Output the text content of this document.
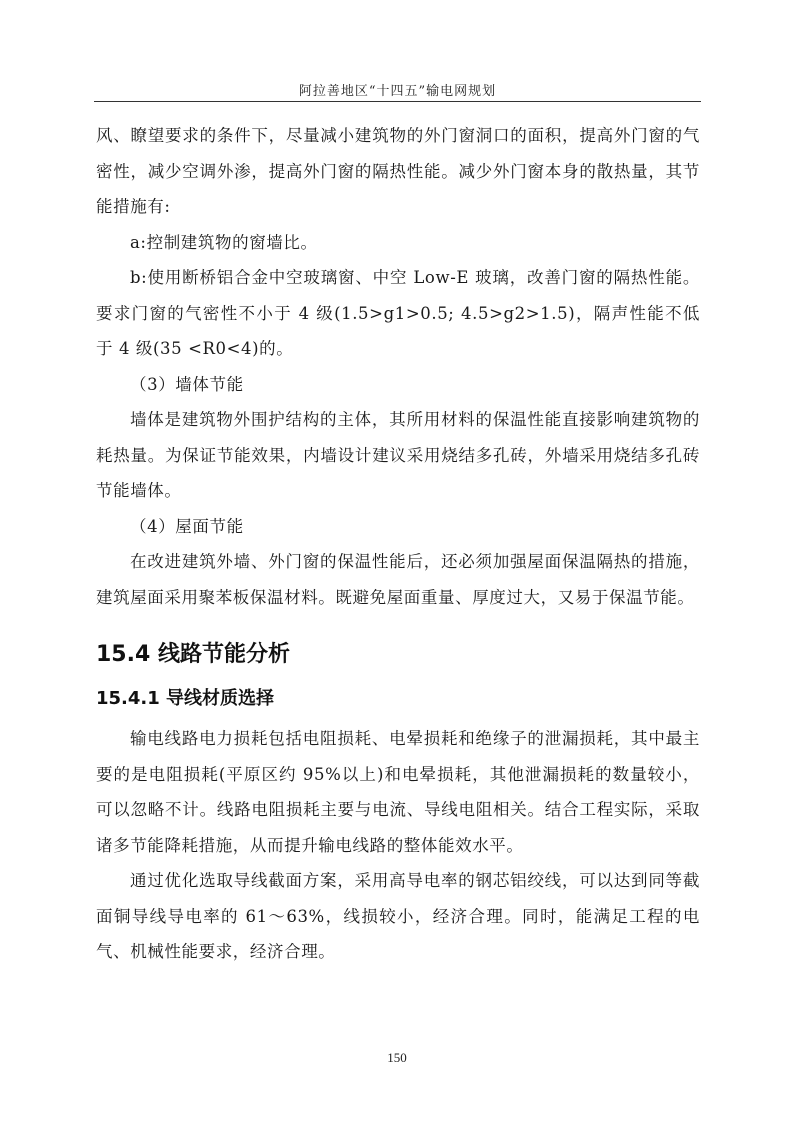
阿拉善地区“十四五”输电网规划

风、瞭望要求的条件下，尽量减小建筑物的外门窗洞口的面积，提高外门窗的气密性，减少空调外渗，提高外门窗的隔热性能。减少外门窗本身的散热量，其节能措施有:

a:控制建筑物的窗墙比。

b:使用断桥铝合金中空玻璃窗、中空 Low-E 玻璃，改善门窗的隔热性能。要求门窗的气密性不小于 4 级(1.5>g1>0.5; 4.5>g2>1.5)，隔声性能不低于 4 级(35 <R0<4)的。

（3）墙体节能

墙体是建筑物外围护结构的主体，其所用材料的保温性能直接影响建筑物的耗热量。为保证节能效果，内墙设计建议采用烧结多孔砖，外墙采用烧结多孔砖节能墙体。

（4）屋面节能

在改进建筑外墙、外门窗的保温性能后，还必须加强屋面保温隔热的措施，建筑屋面采用聚苯板保温材料。既避免屋面重量、厚度过大，又易于保温节能。

15.4 线路节能分析
15.4.1 导线材质选择

输电线路电力损耗包括电阻损耗、电晕损耗和绝缘子的泄漏损耗，其中最主要的是电阻损耗(平原区约 95%以上)和电晕损耗，其他泄漏损耗的数量较小，可以忽略不计。线路电阻损耗主要与电流、导线电阻相关。结合工程实际，采取诸多节能降耗措施，从而提升输电线路的整体能效水平。

通过优化选取导线截面方案，采用高导电率的钢芯铝绞线，可以达到同等截面铜导线导电率的 61～63%，线损较小，经济合理。同时，能满足工程的电气、机械性能要求，经济合理。

150
